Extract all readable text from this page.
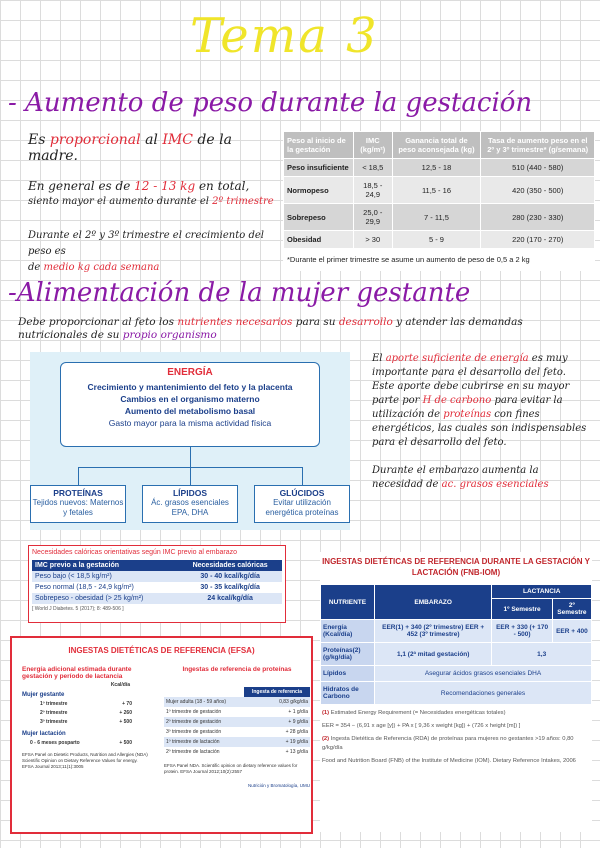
Tema 3
- Aumento de peso durante la gestación
Es proporcional al IMC de la madre.
En general es de 12 - 13 kg en total,
siento mayor el aumento durante el 2º trimestre
Durante el 2º y 3º trimestre el crecimiento del peso es
de medio kg cada semana
Peso al inicio de la gestación	IMC (kg/m²)	Ganancia total de peso aconsejada (kg)	Tasa de aumento peso en el 2º y 3º trimestre* (g/semana)
Peso insuficiente	< 18,5	12,5 - 18	510 (440 - 580)
Normopeso	18,5 - 24,9	11,5 - 16	420 (350 - 500)
Sobrepeso	25,0 - 29,9	7 - 11,5	280 (230 - 330)
Obesidad	> 30	5 - 9	220 (170 - 270)
*Durante el primer trimestre se asume un aumento de peso de 0,5 a 2 kg			
-Alimentación de la mujer gestante
Debe proporcionar al feto los nutrientes necesarios para su desarrollo y atender las demandas nutricionales de su propio organismo
ENERGÍA
Crecimiento y mantenimiento del feto y la placenta
Cambios en el organismo materno
Aumento del metabolismo basal
Gasto mayor para la misma actividad física
PROTEÍNAS
Tejidos nuevos: Maternos y fetales
LÍPIDOS
Ác. grasos esenciales EPA, DHA
GLÚCIDOS
Evitar utilización energética proteínas
El aporte suficiente de energía es muy importante para el desarrollo del feto. Este aporte debe cubrirse en su mayor parte por H de carbono para evitar la utilización de proteínas con fines energéticos, las cuales son indispensables para el desarrollo del feto.
Durante el embarazo aumenta la necesidad de ac. grasos esenciales
Necesidades calóricas orientativas según IMC previo al embarazo
IMC previo a la gestación	Necesidades calóricas
Peso bajo (< 18,5 kg/m²)	30 - 40 kcal/kg/día
Peso normal (18,5 - 24,9 kg/m²)	30 - 35 kcal/kg/día
Sobrepeso - obesidad (> 25 kg/m²)	24 kcal/kg/día
[ World J Diabetes. 5 (2017); 8: 489-506 ]
INGESTAS DIETÉTICAS DE REFERENCIA (EFSA)
Energía adicional estimada durante gestación y período de lactancia
Kcal/día
Mujer gestante
1º trimestre	+ 70
2º trimestre	+ 260
3º trimestre	+ 500
Mujer lactación
0 - 6 meses posparto	+ 500
EFSA Panel on Dietetic Products, Nutrition and Allergies (NDA) Scientific Opinion on Dietary Reference Values for energy. EFSA Journal 2013;11(1):3005
Ingestas de referencia de proteínas
Ingesta de referencia
Mujer adulta (18 - 59 años)	0,83 g/kg/día
1º trimestre de gestación	+ 1 g/día
2º trimestre de gestación	+ 9 g/día
3º trimestre de gestación	+ 28 g/día
1º trimestre de lactación	+ 19 g/día
2º trimestre de lactación	+ 13 g/día
EFSA Panel NDA. Scientific opinion on dietary reference values for protein. EFSA Journal 2012;10(2):2557
Nutrición y Bromatología, UMU
INGESTAS DIETÉTICAS DE REFERENCIA DURANTE LA GESTACIÓN Y LACTACIÓN (FNB-IOM)
NUTRIENTE	EMBARAZO	LACTANCIA	
		1º Semestre	2º Semestre
Energía (Kcal/día)	EER(1) + 340 (2º trimestre) EER + 452 (3º trimestre)	EER + 330 (+ 170 - 500)	EER + 400
Proteínas(2) (g/kg/día)	1,1 (2ª mitad gestación)	1,3	
Lípidos	Asegurar ácidos grasos esenciales DHA		
Hidratos de Carbono	Recomendaciones generales		
(1) Estimated Energy Requirement (= Necesidades energéticas totales)
EER = 354 − (6,91 x age [y]) + PA x [ 9,36 x weight [kg]) + (726 x height [m]) ]
(2) Ingesta Dietética de Referencia (RDA) de proteínas para mujeres no gestantes >19 años: 0,80 g/kg/día
Food and Nutrition Board (FNB) of the Institute of Medicine (IOM). Dietary Reference Intakes, 2006
